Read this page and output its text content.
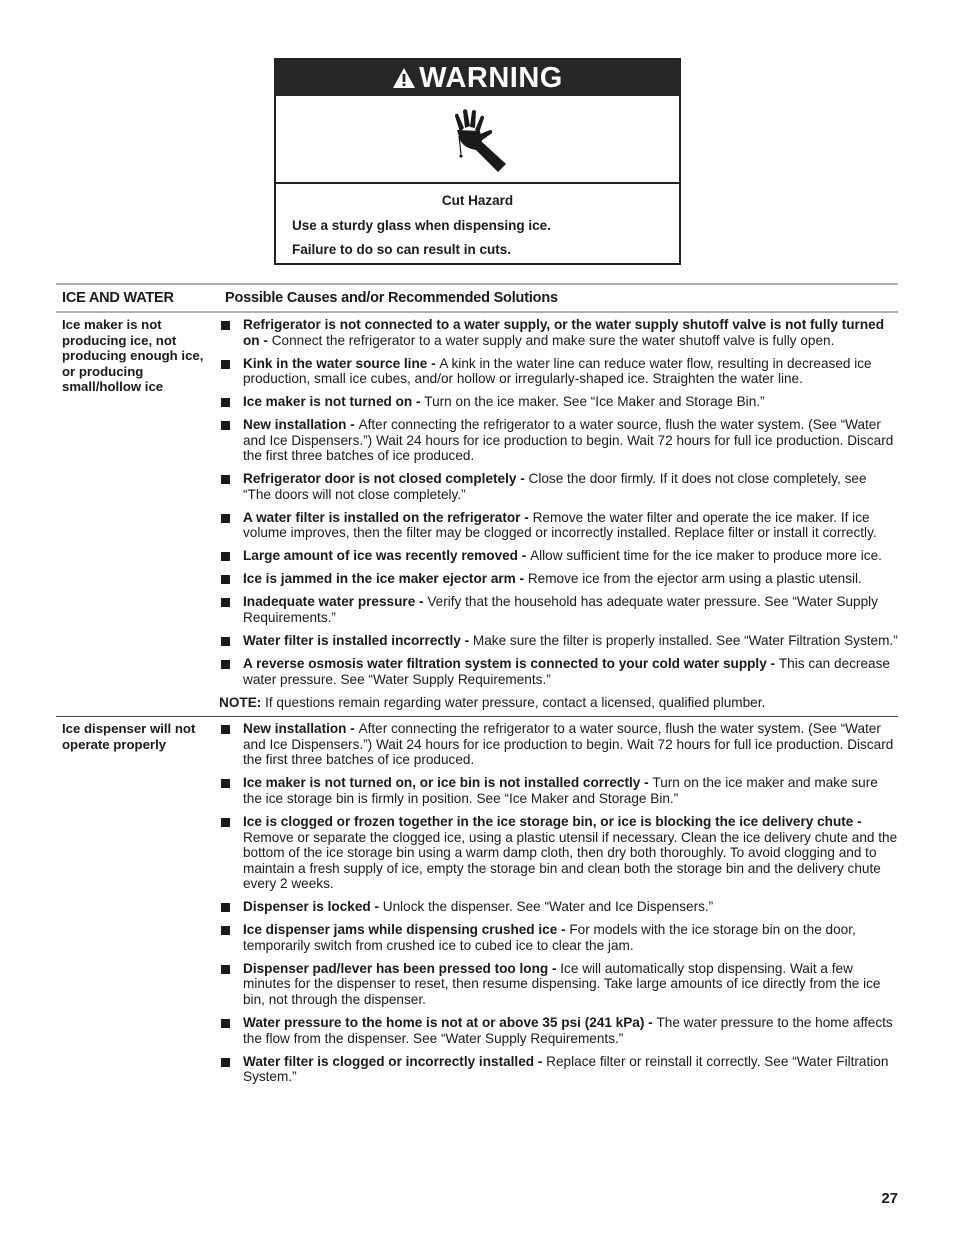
WARNING
Cut Hazard
Use a sturdy glass when dispensing ice.
Failure to do so can result in cuts.
ICE AND WATER	Possible Causes and/or Recommended Solutions
Ice maker is not producing ice, not producing enough ice, or producing small/hollow ice
Refrigerator is not connected to a water supply, or the water supply shutoff valve is not fully turned on - Connect the refrigerator to a water supply and make sure the water shutoff valve is fully open.
Kink in the water source line - A kink in the water line can reduce water flow, resulting in decreased ice production, small ice cubes, and/or hollow or irregularly-shaped ice. Straighten the water line.
Ice maker is not turned on - Turn on the ice maker. See “Ice Maker and Storage Bin.”
New installation - After connecting the refrigerator to a water source, flush the water system. (See “Water and Ice Dispensers.”) Wait 24 hours for ice production to begin. Wait 72 hours for full ice production. Discard the first three batches of ice produced.
Refrigerator door is not closed completely - Close the door firmly. If it does not close completely, see “The doors will not close completely.”
A water filter is installed on the refrigerator - Remove the water filter and operate the ice maker. If ice volume improves, then the filter may be clogged or incorrectly installed. Replace filter or install it correctly.
Large amount of ice was recently removed - Allow sufficient time for the ice maker to produce more ice.
Ice is jammed in the ice maker ejector arm - Remove ice from the ejector arm using a plastic utensil.
Inadequate water pressure - Verify that the household has adequate water pressure. See “Water Supply Requirements.”
Water filter is installed incorrectly - Make sure the filter is properly installed. See “Water Filtration System.”
A reverse osmosis water filtration system is connected to your cold water supply - This can decrease water pressure. See “Water Supply Requirements.”
NOTE: If questions remain regarding water pressure, contact a licensed, qualified plumber.
Ice dispenser will not operate properly
New installation - After connecting the refrigerator to a water source, flush the water system. (See “Water and Ice Dispensers.”) Wait 24 hours for ice production to begin. Wait 72 hours for full ice production. Discard the first three batches of ice produced.
Ice maker is not turned on, or ice bin is not installed correctly - Turn on the ice maker and make sure the ice storage bin is firmly in position. See “Ice Maker and Storage Bin.”
Ice is clogged or frozen together in the ice storage bin, or ice is blocking the ice delivery chute - Remove or separate the clogged ice, using a plastic utensil if necessary. Clean the ice delivery chute and the bottom of the ice storage bin using a warm damp cloth, then dry both thoroughly. To avoid clogging and to maintain a fresh supply of ice, empty the storage bin and clean both the storage bin and the delivery chute every 2 weeks.
Dispenser is locked - Unlock the dispenser. See “Water and Ice Dispensers.”
Ice dispenser jams while dispensing crushed ice - For models with the ice storage bin on the door, temporarily switch from crushed ice to cubed ice to clear the jam.
Dispenser pad/lever has been pressed too long - Ice will automatically stop dispensing. Wait a few minutes for the dispenser to reset, then resume dispensing. Take large amounts of ice directly from the ice bin, not through the dispenser.
Water pressure to the home is not at or above 35 psi (241 kPa) - The water pressure to the home affects the flow from the dispenser. See “Water Supply Requirements.”
Water filter is clogged or incorrectly installed - Replace filter or reinstall it correctly. See “Water Filtration System.”
27
